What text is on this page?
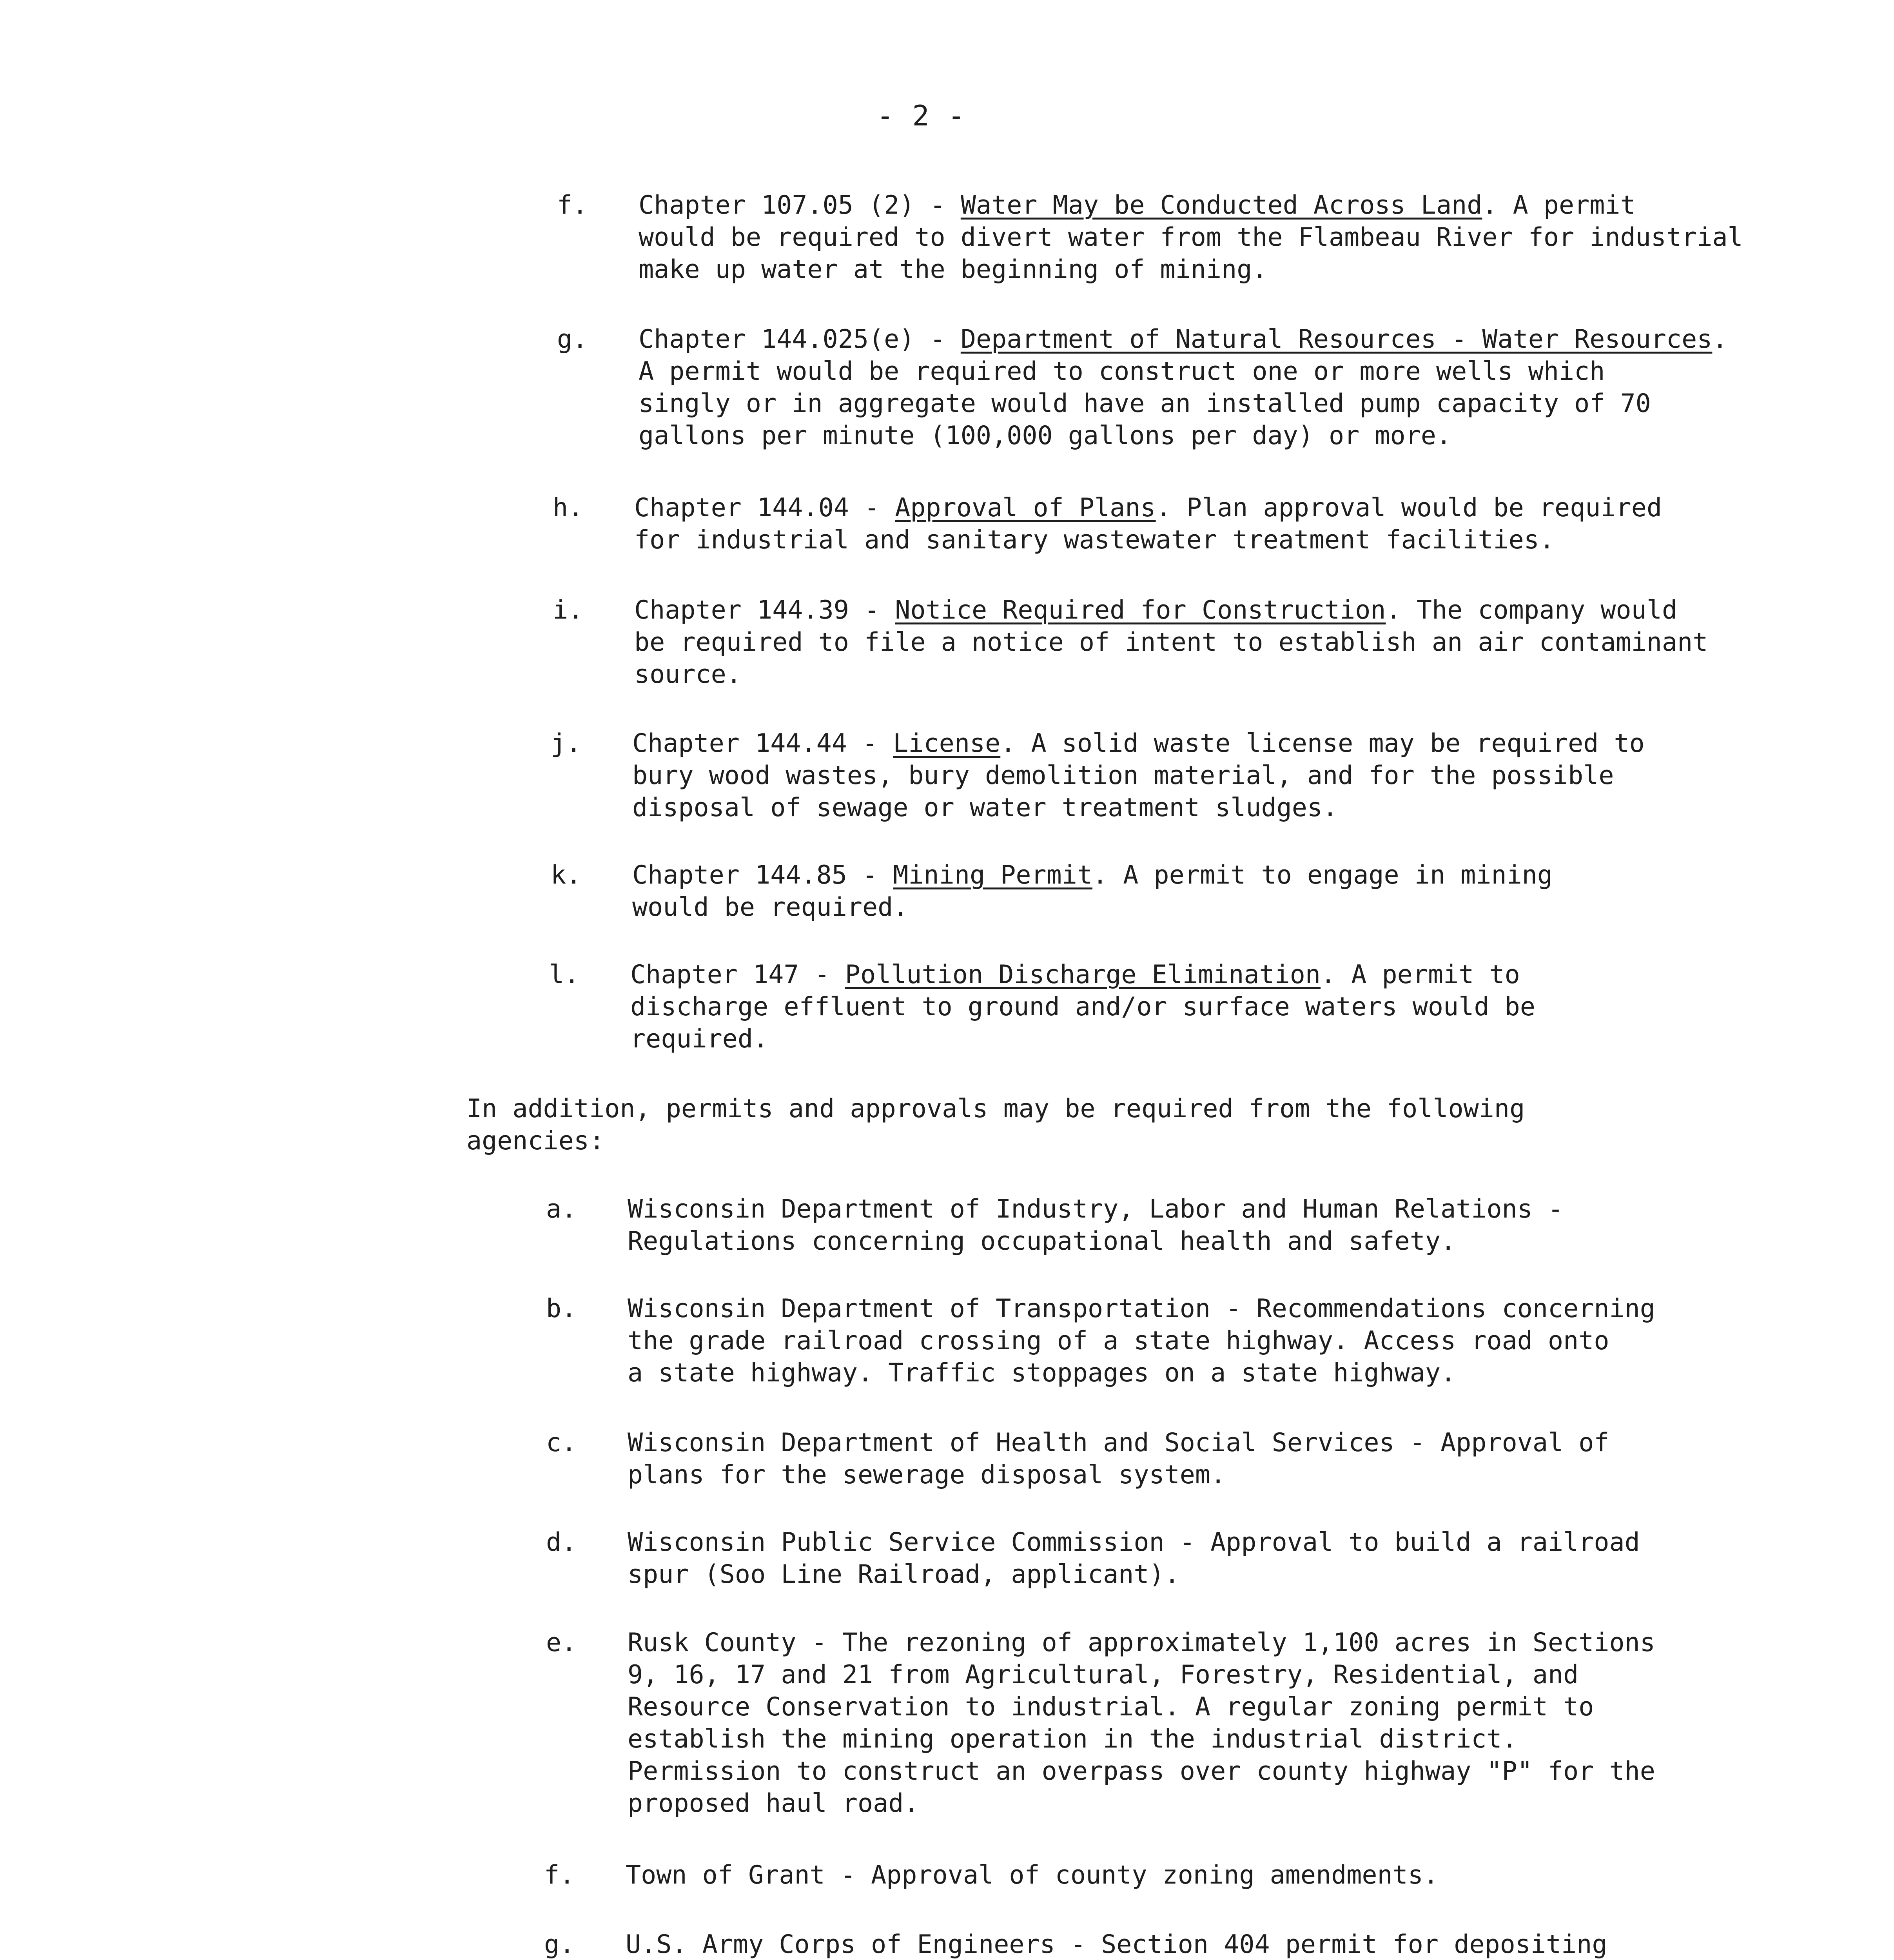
- 2 -
f. Chapter 107.05 (2) - Water May be Conducted Across Land. A permit
would be required to divert water from the Flambeau River for industrial
make up water at the beginning of mining.
g. Chapter 144.025(e) - Department of Natural Resources - Water Resources.
A permit would be required to construct one or more wells which
singly or in aggregate would have an installed pump capacity of 70
gallons per minute (100,000 gallons per day) or more.
h. Chapter 144.04 - Approval of Plans. Plan approval would be required
for industrial and sanitary wastewater treatment facilities.
i. Chapter 144.39 - Notice Required for Construction. The company would
be required to file a notice of intent to establish an air contaminant
source.
j. Chapter 144.44 - License. A solid waste license may be required to
bury wood wastes, bury demolition material, and for the possible
disposal of sewage or water treatment sludges.
k. Chapter 144.85 - Mining Permit. A permit to engage in mining
would be required.
l. Chapter 147 - Pollution Discharge Elimination. A permit to
discharge effluent to ground and/or surface waters would be
required.
In addition, permits and approvals may be required from the following
agencies:
a. Wisconsin Department of Industry, Labor and Human Relations -
Regulations concerning occupational health and safety.
b. Wisconsin Department of Transportation - Recommendations concerning
the grade railroad crossing of a state highway. Access road onto
a state highway. Traffic stoppages on a state highway.
c. Wisconsin Department of Health and Social Services - Approval of
plans for the sewerage disposal system.
d. Wisconsin Public Service Commission - Approval to build a railroad
spur (Soo Line Railroad, applicant).
e. Rusk County - The rezoning of approximately 1,100 acres in Sections
9, 16, 17 and 21 from Agricultural, Forestry, Residential, and
Resource Conservation to industrial. A regular zoning permit to
establish the mining operation in the industrial district.
Permission to construct an overpass over county highway "P" for the
proposed haul road.
f. Town of Grant - Approval of county zoning amendments.
g. U.S. Army Corps of Engineers - Section 404 permit for depositing
